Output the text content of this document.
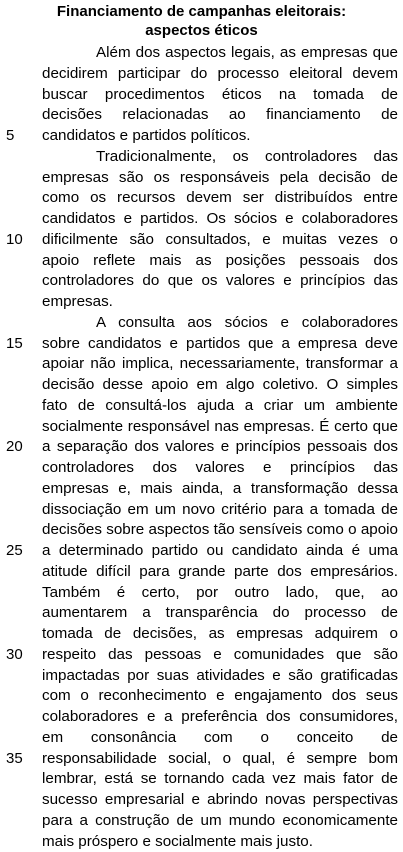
Financiamento de campanhas eleitorais:
aspectos éticos
Além dos aspectos legais, as empresas que
decidirem participar do processo eleitoral devem
buscar procedimentos éticos na tomada de
decisões relacionadas ao financiamento de
5 candidatos e partidos políticos.
Tradicionalmente, os controladores das
empresas são os responsáveis pela decisão de
como os recursos devem ser distribuídos entre
candidatos e partidos. Os sócios e colaboradores
10 dificilmente são consultados, e muitas vezes o
apoio reflete mais as posições pessoais dos
controladores do que os valores e princípios das
empresas.
A consulta aos sócios e colaboradores
15 sobre candidatos e partidos que a empresa deve
apoiar não implica, necessariamente, transformar a
decisão desse apoio em algo coletivo. O simples
fato de consultá-los ajuda a criar um ambiente
socialmente responsável nas empresas. É certo que
20 a separação dos valores e princípios pessoais dos
controladores dos valores e princípios das
empresas e, mais ainda, a transformação dessa
dissociação em um novo critério para a tomada de
decisões sobre aspectos tão sensíveis como o apoio
25 a determinado partido ou candidato ainda é uma
atitude difícil para grande parte dos empresários.
Também é certo, por outro lado, que, ao
aumentarem a transparência do processo de
tomada de decisões, as empresas adquirem o
30 respeito das pessoas e comunidades que são
impactadas por suas atividades e são gratificadas
com o reconhecimento e engajamento dos seus
colaboradores e a preferência dos consumidores,
em consonância com o conceito de
35 responsabilidade social, o qual, é sempre bom
lembrar, está se tornando cada vez mais fator de
sucesso empresarial e abrindo novas perspectivas
para a construção de um mundo economicamente
mais próspero e socialmente mais justo.
